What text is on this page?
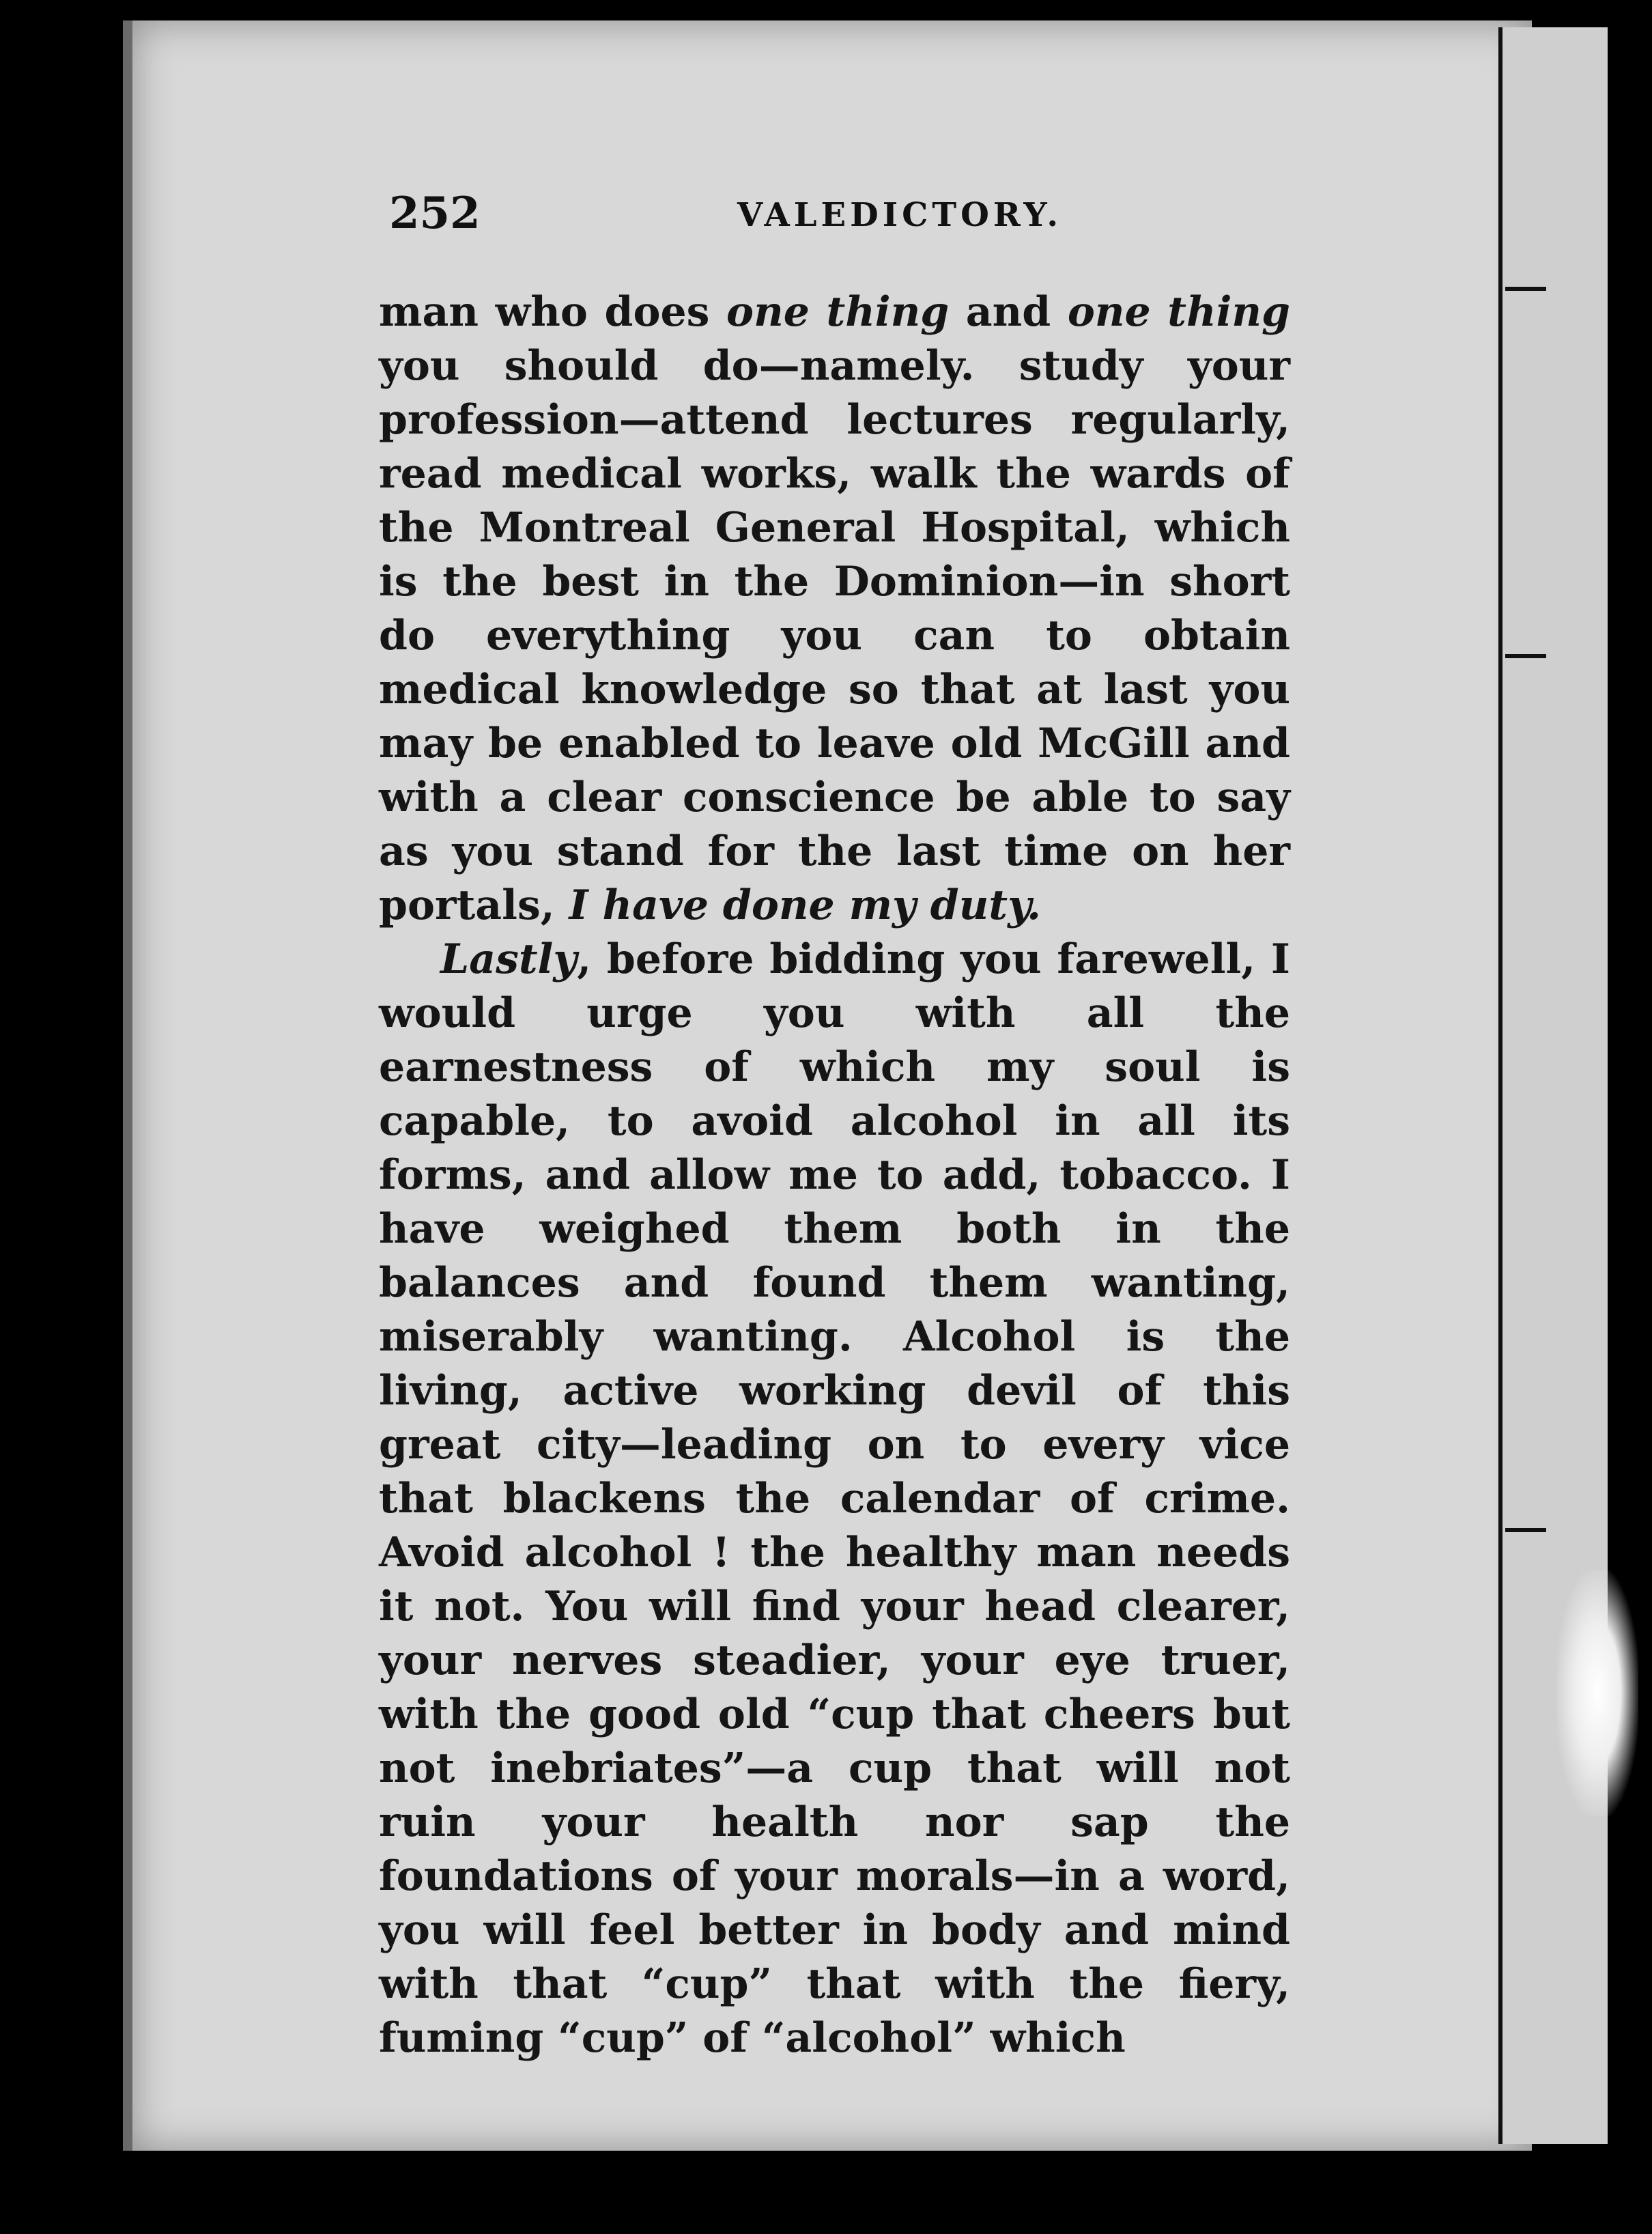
252	VALEDICTORY.

man who does one thing and one thing you should do—namely. study your profession—attend lectures regularly, read medical works, walk the wards of the Montreal General Hospital, which is the best in the Dominion—in short do everything you can to obtain medical knowledge so that at last you may be enabled to leave old McGill and with a clear conscience be able to say as you stand for the last time on her portals, I have done my duty.

Lastly, before bidding you farewell, I would urge you with all the earnestness of which my soul is capable, to avoid alcohol in all its forms, and allow me to add, tobacco. I have weighed them both in the balances and found them wanting, miserably wanting. Alcohol is the living, active working devil of this great city—leading on to every vice that blackens the calendar of crime. Avoid alcohol ! the healthy man needs it not. You will find your head clearer, your nerves steadier, your eye truer, with the good old “cup that cheers but not inebriates”—a cup that will not ruin your health nor sap the foundations of your morals—in a word, you will feel better in body and mind with that “cup” that with the fiery, fuming “cup” of “alcohol” which
